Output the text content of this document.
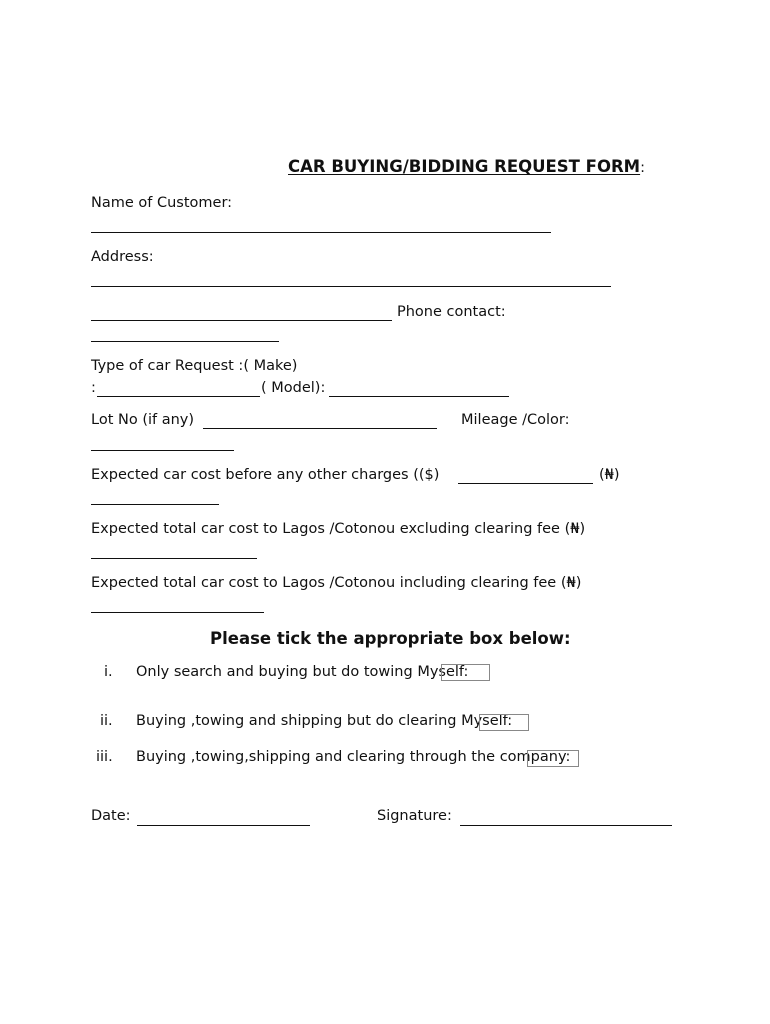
CAR BUYING/BIDDING REQUEST FORM:
Name of Customer:
Address:
Phone contact:
Type of car Request :( Make)
:	( Model):
Lot No (if any)	Mileage /Color:
Expected car cost before any other charges (($)	(₦)
Expected total car cost to Lagos /Cotonou excluding clearing fee (₦)
Expected total car cost to Lagos /Cotonou including clearing fee (₦)
Please tick the appropriate box below:
i. Only search and buying but do towing Myself:
ii. Buying ,towing and shipping but do clearing Myself:
iii. Buying ,towing,shipping and clearing through the company:
Date:	Signature:
